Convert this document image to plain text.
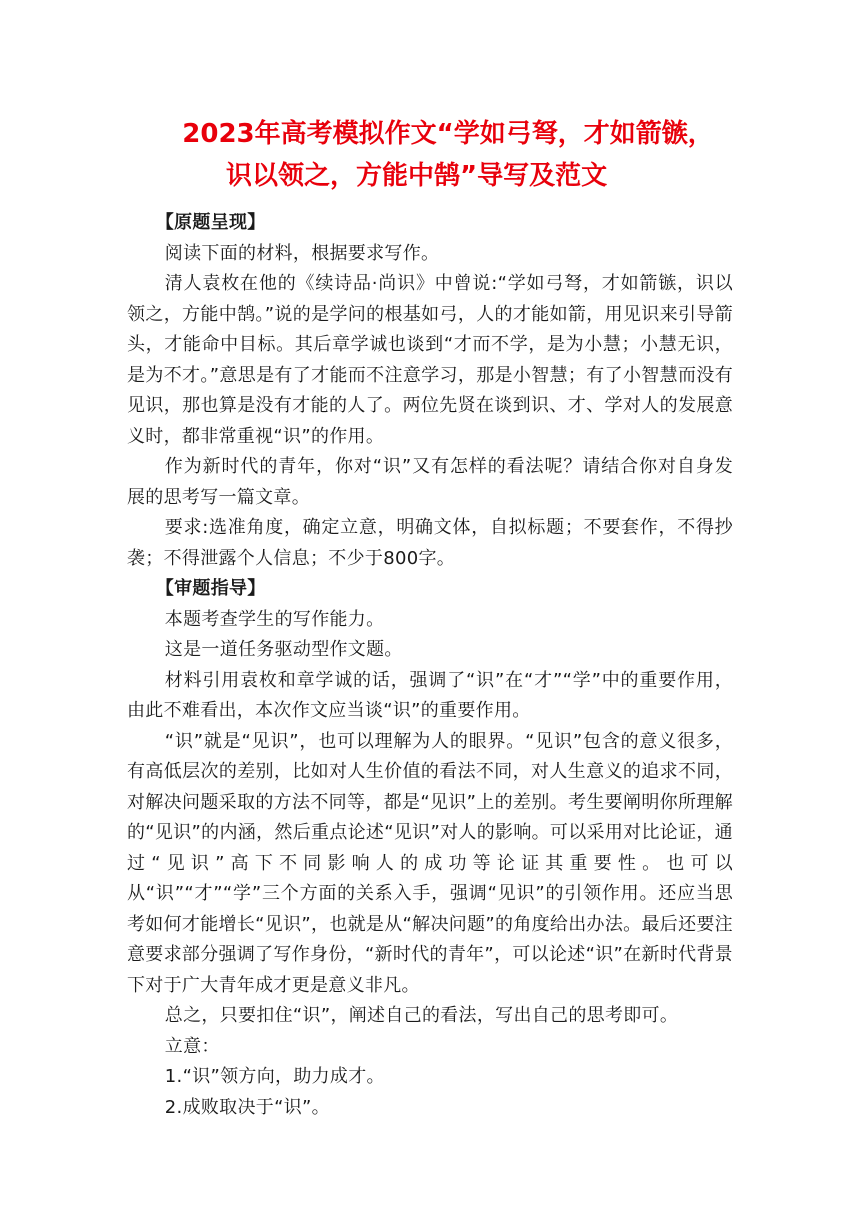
2023年高考模拟作文“学如弓弩，才如箭镞，
识以领之，方能中鹄”导写及范文

【原题呈现】

阅读下面的材料，根据要求写作。

清人袁枚在他的《续诗品·尚识》中曾说:“学如弓弩，才如箭镞，识以领之，方能中鹄。”说的是学问的根基如弓，人的才能如箭，用见识来引导箭头，才能命中目标。其后章学诚也谈到“才而不学，是为小慧；小慧无识，是为不才。”意思是有了才能而不注意学习，那是小智慧；有了小智慧而没有见识，那也算是没有才能的人了。两位先贤在谈到识、才、学对人的发展意义时，都非常重视“识”的作用。

作为新时代的青年，你对“识”又有怎样的看法呢？请结合你对自身发展的思考写一篇文章。

要求:选准角度，确定立意，明确文体，自拟标题；不要套作，不得抄袭；不得泄露个人信息；不少于800字。

【审题指导】

本题考查学生的写作能力。

这是一道任务驱动型作文题。

材料引用袁枚和章学诚的话，强调了“识”在“才”“学”中的重要作用，由此不难看出，本次作文应当谈“识”的重要作用。

“识”就是“见识”，也可以理解为人的眼界。“见识”包含的意义很多，有高低层次的差别，比如对人生价值的看法不同，对人生意义的追求不同，对解决问题采取的方法不同等，都是“见识”上的差别。考生要阐明你所理解的“见识”的内涵，然后重点论述“见识”对人的影响。可以采用对比论证，通过“见识”高下不同影响人的成功等论证其重要性。也可以从“识”“才”“学”三个方面的关系入手，强调“见识”的引领作用。还应当思考如何才能增长“见识”，也就是从“解决问题”的角度给出办法。最后还要注意要求部分强调了写作身份，“新时代的青年”，可以论述“识”在新时代背景下对于广大青年成才更是意义非凡。

总之，只要扣住“识”，阐述自己的看法，写出自己的思考即可。

立意：

1.“识”领方向，助力成才。

2.成败取决于“识”。
